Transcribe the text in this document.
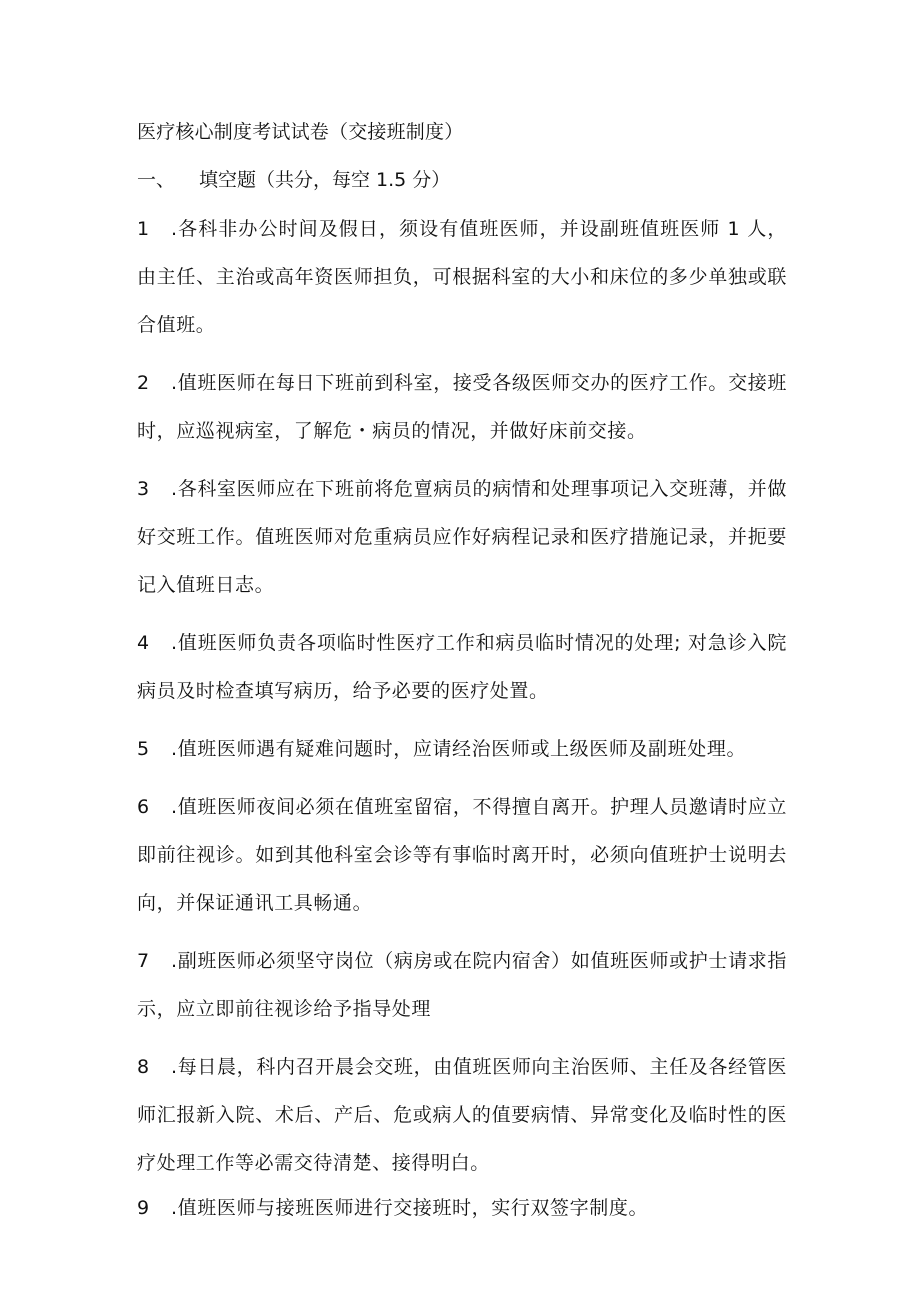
医疗核心制度考试试卷（交接班制度）
一、 填空题（共分，每空 1.5 分）
1 .各科非办公时间及假日，须设有值班医师，并设副班值班医师 1 人，由主任、主治或高年资医师担负，可根据科室的大小和床位的多少单独或联合值班。
2 .值班医师在每日下班前到科室，接受各级医师交办的医疗工作。交接班时，应巡视病室，了解危・病员的情况，并做好床前交接。
3 .各科室医师应在下班前将危亶病员的病情和处理事项记入交班薄，并做好交班工作。值班医师对危重病员应作好病程记录和医疗措施记录，并扼要记入值班日志。
4 .值班医师负责各项临时性医疗工作和病员临时情况的处理; 对急诊入院病员及时检查填写病历，给予必要的医疗处置。
5 .值班医师遇有疑难问题时，应请经治医师或上级医师及副班处理。
6 .值班医师夜间必须在值班室留宿，不得擅自离开。护理人员邀请时应立即前往视诊。如到其他科室会诊等有事临时离开时，必须向值班护士说明去向，并保证通讯工具畅通。
7 .副班医师必须坚守岗位（病房或在院内宿舍）如值班医师或护士请求指示，应立即前往视诊给予指导处理
8 .每日晨，科内召开晨会交班，由值班医师向主治医师、主任及各经管医师汇报新入院、术后、产后、危或病人的值要病情、异常变化及临时性的医疗处理工作等必需交待清楚、接得明白。
9 .值班医师与接班医师进行交接班时，实行双签字制度。
